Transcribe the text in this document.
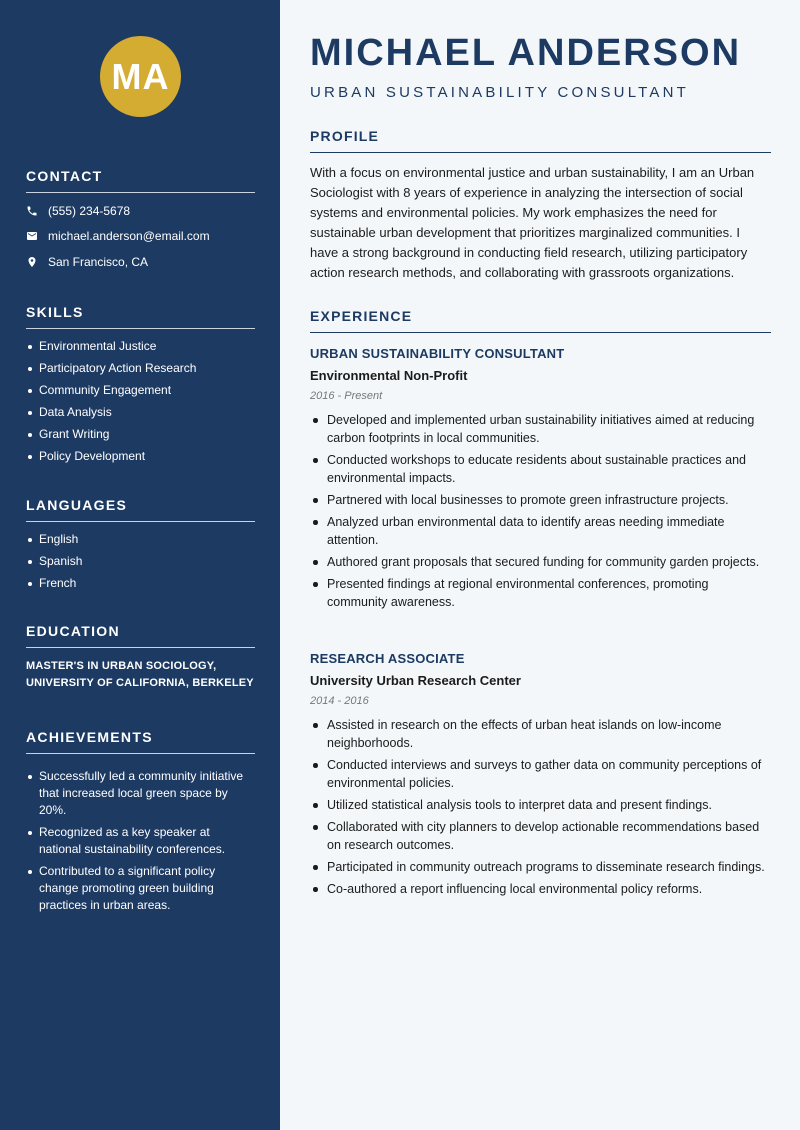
MA
CONTACT
(555) 234-5678
michael.anderson@email.com
San Francisco, CA
SKILLS
Environmental Justice
Participatory Action Research
Community Engagement
Data Analysis
Grant Writing
Policy Development
LANGUAGES
English
Spanish
French
EDUCATION
MASTER'S IN URBAN SOCIOLOGY,
UNIVERSITY OF CALIFORNIA, BERKELEY
ACHIEVEMENTS
Successfully led a community initiative that increased local green space by 20%.
Recognized as a key speaker at national sustainability conferences.
Contributed to a significant policy change promoting green building practices in urban areas.
MICHAEL ANDERSON
URBAN SUSTAINABILITY CONSULTANT
PROFILE
With a focus on environmental justice and urban sustainability, I am an Urban Sociologist with 8 years of experience in analyzing the intersection of social systems and environmental policies. My work emphasizes the need for sustainable urban development that prioritizes marginalized communities. I have a strong background in conducting field research, utilizing participatory action research methods, and collaborating with grassroots organizations.
EXPERIENCE
URBAN SUSTAINABILITY CONSULTANT
Environmental Non-Profit
2016 - Present
Developed and implemented urban sustainability initiatives aimed at reducing carbon footprints in local communities.
Conducted workshops to educate residents about sustainable practices and environmental impacts.
Partnered with local businesses to promote green infrastructure projects.
Analyzed urban environmental data to identify areas needing immediate attention.
Authored grant proposals that secured funding for community garden projects.
Presented findings at regional environmental conferences, promoting community awareness.
RESEARCH ASSOCIATE
University Urban Research Center
2014 - 2016
Assisted in research on the effects of urban heat islands on low-income neighborhoods.
Conducted interviews and surveys to gather data on community perceptions of environmental policies.
Utilized statistical analysis tools to interpret data and present findings.
Collaborated with city planners to develop actionable recommendations based on research outcomes.
Participated in community outreach programs to disseminate research findings.
Co-authored a report influencing local environmental policy reforms.
